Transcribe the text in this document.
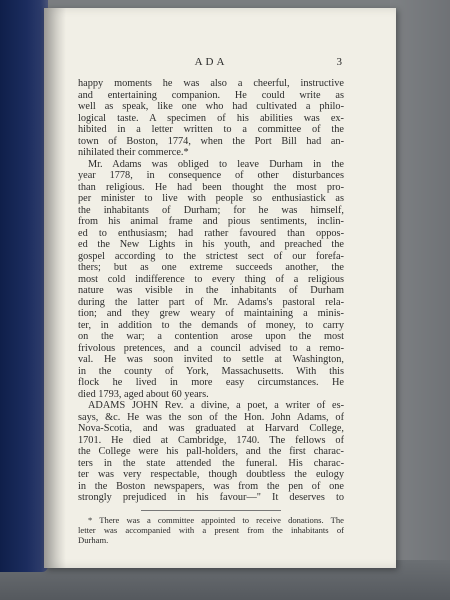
ADA	3
happy moments he was also a cheerful, instructive
and entertaining companion. He could write as
well as speak, like one who had cultivated a philo-
logical taste. A specimen of his abilities was ex-
hibited in a letter written to a committee of the
town of Boston, 1774, when the Port Bill had an-
nihilated their commerce.*
Mr. Adams was obliged to leave Durham in the
year 1778, in consequence of other disturbances
than religious. He had been thought the most pro-
per minister to live with people so enthusiastick as
the inhabitants of Durham; for he was himself,
from his animal frame and pious sentiments, inclin-
ed to enthusiasm; had rather favoured than oppos-
ed the New Lights in his youth, and preached the
gospel according to the strictest sect of our forefa-
thers; but as one extreme succeeds another, the
most cold indifference to every thing of a religious
nature was visible in the inhabitants of Durham
during the latter part of Mr. Adams's pastoral rela-
tion; and they grew weary of maintaining a minis-
ter, in addition to the demands of money, to carry
on the war; a contention arose upon the most
frivolous pretences, and a council advised to a remo-
val. He was soon invited to settle at Washington,
in the county of York, Massachusetts. With this
flock he lived in more easy circumstances. He
died 1793, aged about 60 years.
ADAMS JOHN Rev. a divine, a poet, a writer of es-
says, &c. He was the son of the Hon. John Adams, of
Nova-Scotia, and was graduated at Harvard College,
1701. He died at Cambridge, 1740. The fellows of
the College were his pall-holders, and the first charac-
ters in the state attended the funeral. His charac-
ter was very respectable, though doubtless the eulogy
in the Boston newspapers, was from the pen of one
strongly prejudiced in his favour—" It deserves to
* There was a committee appointed to receive donations. The
letter was accompanied with a present from the inhabitants of
Durham.
